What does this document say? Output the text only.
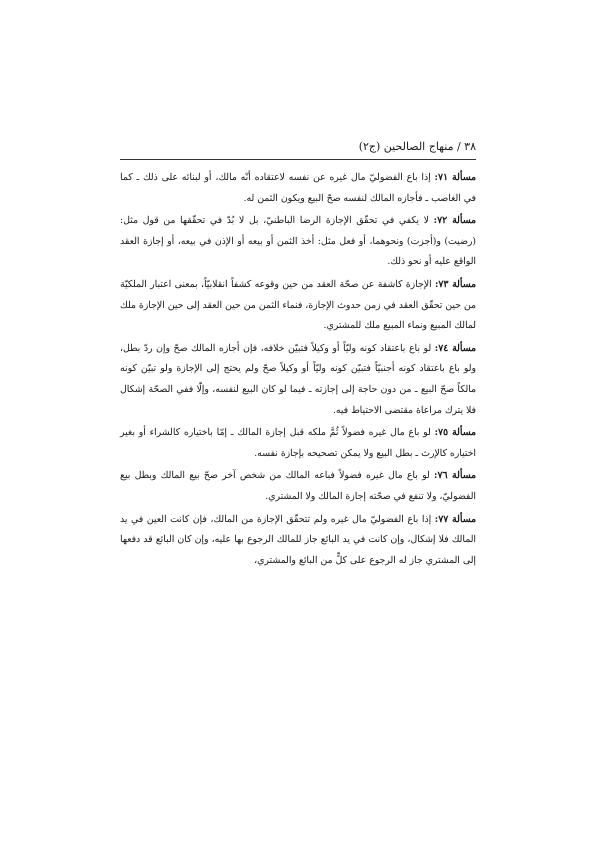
٣٨ / منهاج الصالحين (ج٢)

مسألة ٧١: إذا باع الفضوليّ مال غيره عن نفسه لاعتقاده أنّه مالك، أو لبنائه على ذلك ـ كما في الغاصب ـ فأجازه المالك لنفسه صحّ البيع ويكون الثمن له.

مسألة ٧٢: لا يكفي في تحقّق الإجازة الرضا الباطنيّ، بل لا بُدّ في تحقّقها من قول مثل: (رضيت) و(أجزت) ونحوهما، أو فعل مثل: أخذ الثمن أو بيعه أو الإذن في بيعه، أو إجازة العقد الواقع عليه أو نحو ذلك.

مسألة ٧٣: الإجازة كاشفة عن صحّة العقد من حين وقوعه كشفاً انقلابيّاً، بمعنى اعتبار الملكيّة من حين تحقّق العقد في زمن حدوث الإجازة، فنماء الثمن من حين العقد إلى حين الإجازة ملك لمالك المبيع ونماء المبيع ملك للمشتري.

مسألة ٧٤: لو باع باعتقاد كونه وليّاً أو وكيلاً فتبيّن خلافه، فإن أجازه المالك صحّ وإن ردّ بطل، ولو باع باعتقاد كونه أجنبيّاً فتبيّن كونه وليّاً أو وكيلاً صحّ ولم يحتج إلى الإجازة ولو تبيّن كونه مالكاً صحّ البيع ـ من دون حاجة إلى إجازته ـ فيما لو كان البيع لنفسه، وإلّا ففي الصحّة إشكال فلا يترك مراعاة مقتضى الاحتياط فيه.

مسألة ٧٥: لو باع مال غيره فضولاً ثُمَّ ملكه قبل إجازة المالك ـ إمّا باختياره كالشراء أو بغير اختياره كالإرث ـ بطل البيع ولا يمكن تصحيحه بإجازة نفسه.

مسألة ٧٦: لو باع مال غيره فضولاً فباعه المالك من شخص آخر صحّ بيع المالك وبطل بيع الفضوليّ، ولا تنفع في صحّته إجازة المالك ولا المشتري.

مسألة ٧٧: إذا باع الفضوليّ مال غيره ولم تتحقّق الإجازة من المالك، فإن كانت العين في يد المالك فلا إشكال، وإن كانت في يد البائع جاز للمالك الرجوع بها عليه، وإن كان البائع قد دفعها إلى المشتري جاز له الرجوع على كلٍّ من البائع والمشتري،
